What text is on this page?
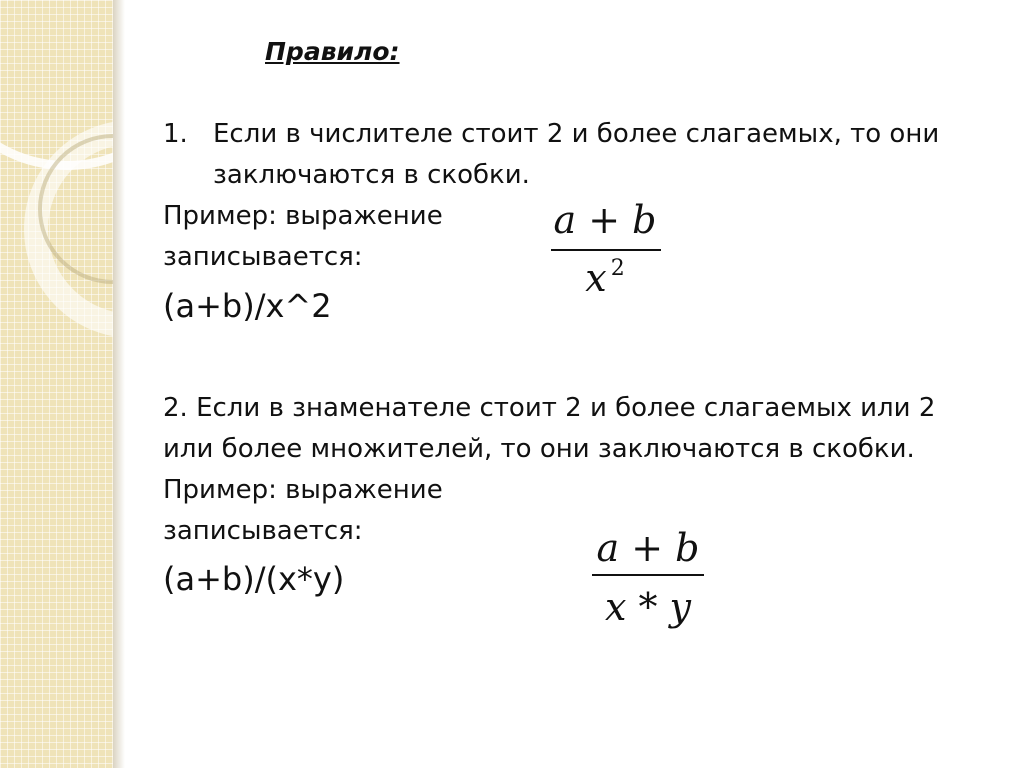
Правило:
1. Если в числителе стоит 2 и более слагаемых, то они
заключаются в скобки.
Пример: выражение
записывается:
(a+b)/x^2
a + b
x $^2$
2. Если в знаменателе стоит 2 и более слагаемых или 2
или более множителей, то они заключаются в скобки.
Пример: выражение
записывается:
(a+b)/(x*y)
a + b
x * y
